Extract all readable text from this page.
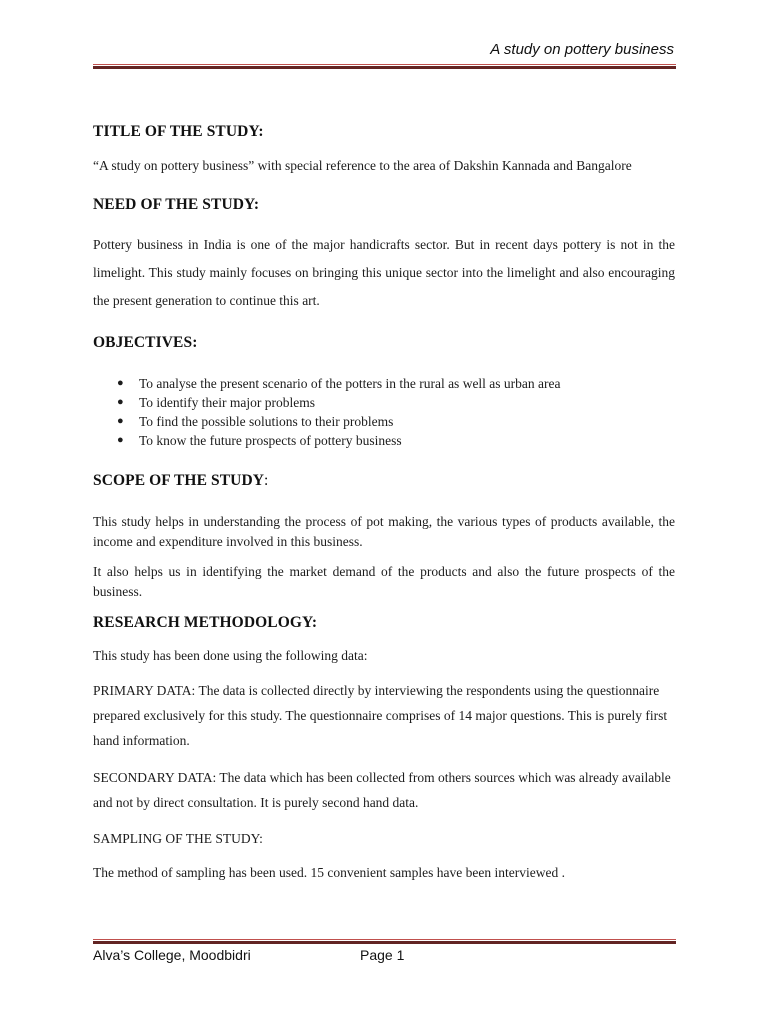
A study on pottery business
TITLE OF THE STUDY:

“A study on pottery business” with special reference to the area of Dakshin Kannada and Bangalore

NEED OF THE STUDY:

Pottery business in India is one of the major handicrafts sector. But in recent days pottery is not in the limelight. This study mainly focuses on bringing this unique sector into the limelight and also encouraging the present generation to continue this art.

OBJECTIVES:
● To analyse the present scenario of the potters in the rural as well as urban area
● To identify their major problems
● To find the possible solutions to their problems
● To know the future prospects of pottery business
SCOPE OF THE STUDY:

This study helps in understanding the process of pot making, the various types of products available, the income and expenditure involved in this business.

It also helps us in identifying the market demand of the products and also the future prospects of the business.

RESEARCH METHODOLOGY:

This study has been done using the following data:

PRIMARY DATA: The data is collected directly by interviewing the respondents using the questionnaire prepared exclusively for this study. The questionnaire comprises of 14 major questions. This is purely first hand information.

SECONDARY DATA: The data which has been collected from others sources which was already available and not by direct consultation. It is purely second hand data.

SAMPLING OF THE STUDY:

The method of sampling has been used. 15 convenient samples have been interviewed .

Alva’s College, Moodbidri	Page 1
